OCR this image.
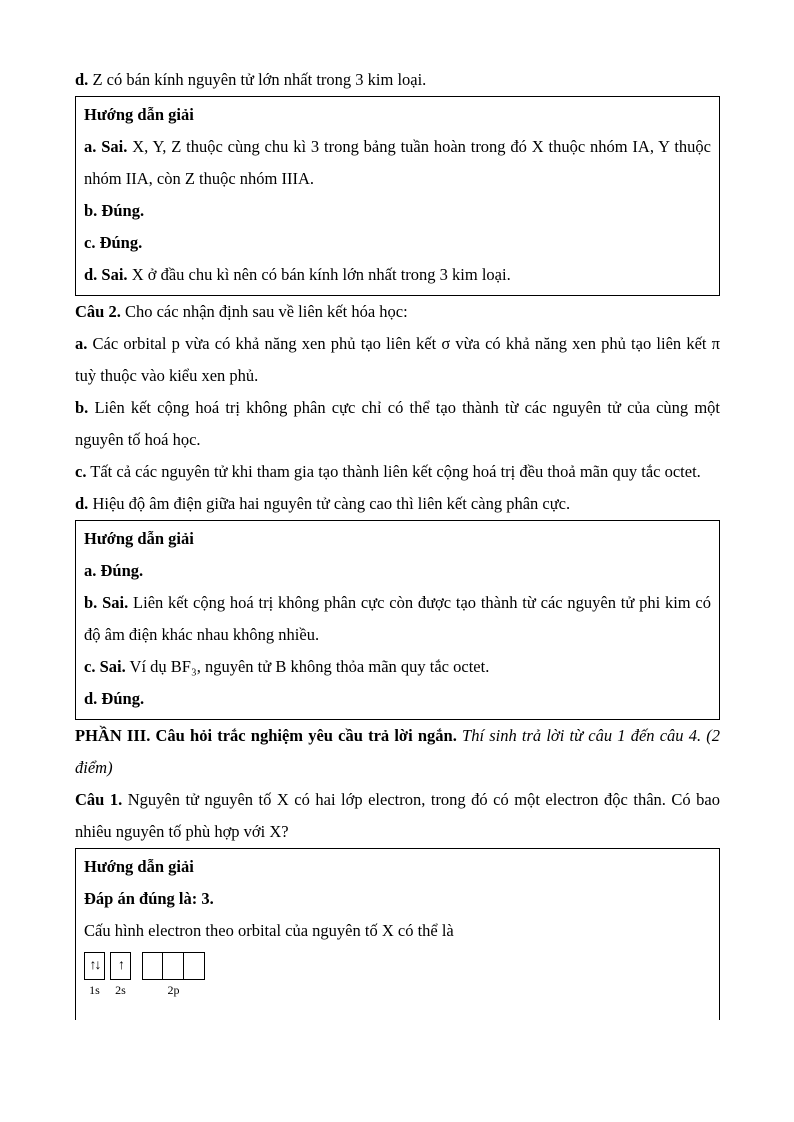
d. Z có bán kính nguyên tử lớn nhất trong 3 kim loại.

Hướng dẫn giải

a. Sai. X, Y, Z thuộc cùng chu kì 3 trong bảng tuần hoàn trong đó X thuộc nhóm IA, Y thuộc nhóm IIA, còn Z thuộc nhóm IIIA.

b. Đúng.

c. Đúng.

d. Sai. X ở đầu chu kì nên có bán kính lớn nhất trong 3 kim loại.

Câu 2. Cho các nhận định sau về liên kết hóa học:

a. Các orbital p vừa có khả năng xen phủ tạo liên kết σ vừa có khả năng xen phủ tạo liên kết π tuỳ thuộc vào kiểu xen phủ.

b. Liên kết cộng hoá trị không phân cực chỉ có thể tạo thành từ các nguyên tử của cùng một nguyên tố hoá học.

c. Tất cả các nguyên tử khi tham gia tạo thành liên kết cộng hoá trị đều thoả mãn quy tắc octet.

d. Hiệu độ âm điện giữa hai nguyên tử càng cao thì liên kết càng phân cực.

Hướng dẫn giải

a. Đúng.

b. Sai. Liên kết cộng hoá trị không phân cực còn được tạo thành từ các nguyên tử phi kim có độ âm điện khác nhau không nhiều.

c. Sai. Ví dụ BF₃, nguyên tử B không thỏa mãn quy tắc octet.

d. Đúng.

PHẦN III. Câu hỏi trắc nghiệm yêu cầu trả lời ngắn. Thí sinh trả lời từ câu 1 đến câu 4. (2 điểm)

Câu 1. Nguyên tử nguyên tố X có hai lớp electron, trong đó có một electron độc thân. Có bao nhiêu nguyên tố phù hợp với X?

Hướng dẫn giải

Đáp án đúng là: 3.

Cấu hình electron theo orbital của nguyên tố X có thể là

↑↓
1s
↑
2s	2p
